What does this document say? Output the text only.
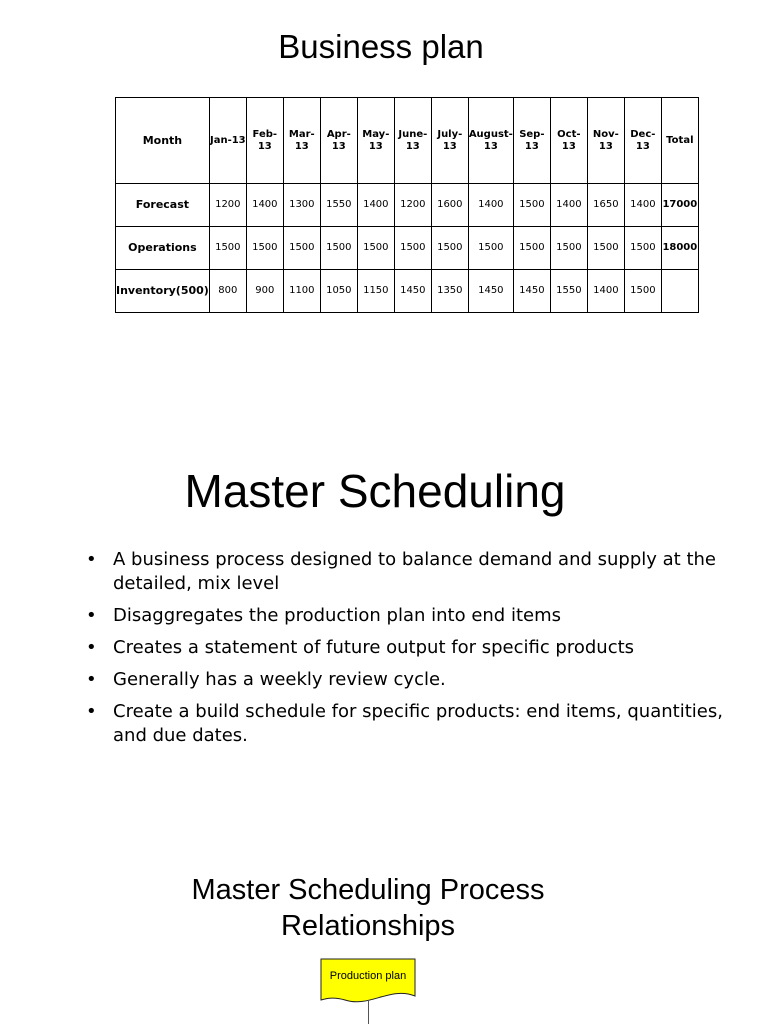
Business plan
Month	Jan-13	Feb-13	Mar-13	Apr-13	May-13	June-13	July-13	August-13	Sep-13	Oct-13	Nov-13	Dec-13	Total
Forecast	1200	1400	1300	1550	1400	1200	1600	1400	1500	1400	1650	1400	17000
Operations	1500	1500	1500	1500	1500	1500	1500	1500	1500	1500	1500	1500	18000
Inventory(500)	800	900	1100	1050	1150	1450	1350	1450	1450	1550	1400	1500	
Master Scheduling
• A business process designed to balance demand and supply at the detailed, mix level
• Disaggregates the production plan into end items
• Creates a statement of future output for specific products
• Generally has a weekly review cycle.
• Create a build schedule for specific products: end items, quantities, and due dates.
Master Scheduling Process
Relationships
Production plan
